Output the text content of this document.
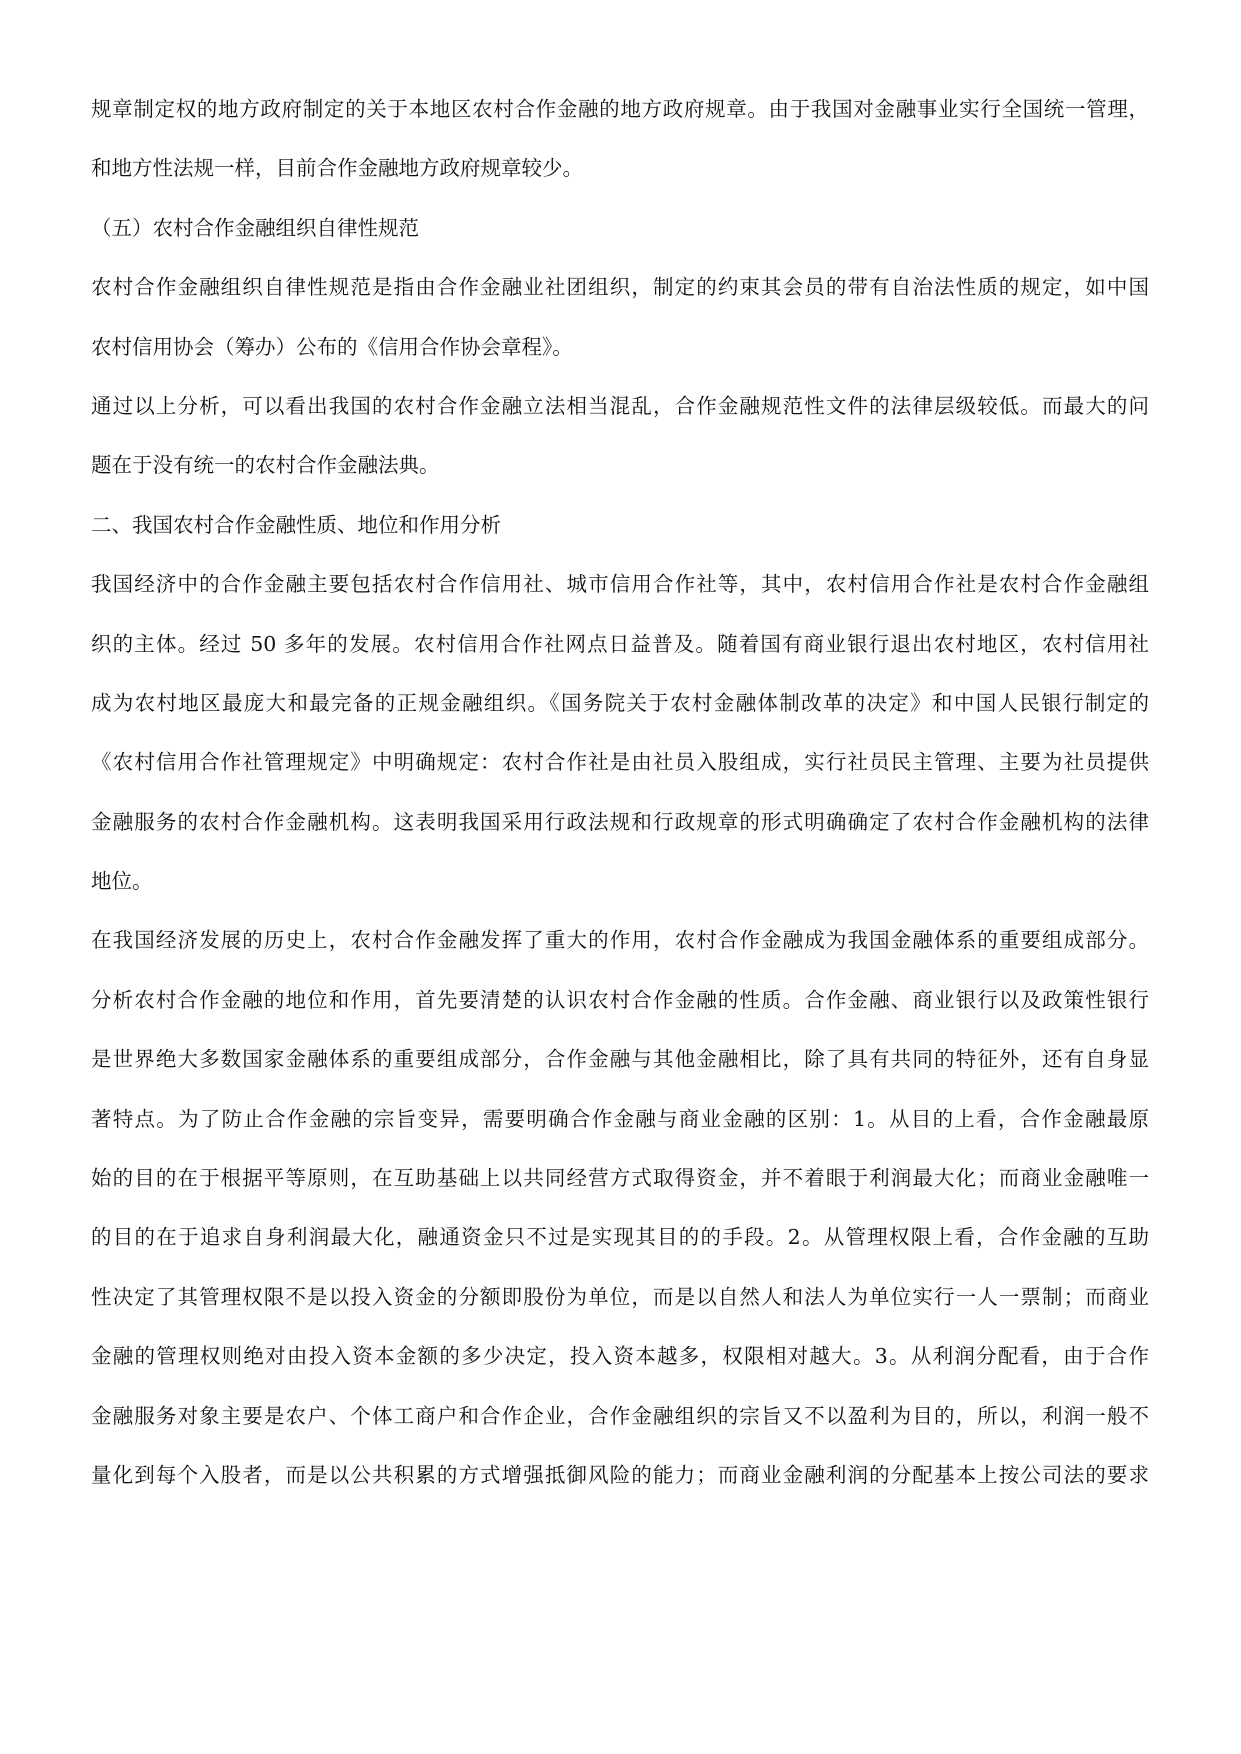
规章制定权的地方政府制定的关于本地区农村合作金融的地方政府规章。由于我国对金融事业实行全国统一管理，
和地方性法规一样，目前合作金融地方政府规章较少。
（五）农村合作金融组织自律性规范
农村合作金融组织自律性规范是指由合作金融业社团组织，制定的约束其会员的带有自治法性质的规定，如中国
农村信用协会（筹办）公布的《信用合作协会章程》。
通过以上分析，可以看出我国的农村合作金融立法相当混乱，合作金融规范性文件的法律层级较低。而最大的问
题在于没有统一的农村合作金融法典。
二、我国农村合作金融性质、地位和作用分析
我国经济中的合作金融主要包括农村合作信用社、城市信用合作社等，其中，农村信用合作社是农村合作金融组
织的主体。经过 50 多年的发展。农村信用合作社网点日益普及。随着国有商业银行退出农村地区，农村信用社
成为农村地区最庞大和最完备的正规金融组织。《国务院关于农村金融体制改革的决定》和中国人民银行制定的
《农村信用合作社管理规定》中明确规定：农村合作社是由社员入股组成，实行社员民主管理、主要为社员提供
金融服务的农村合作金融机构。这表明我国采用行政法规和行政规章的形式明确确定了农村合作金融机构的法律
地位。
在我国经济发展的历史上，农村合作金融发挥了重大的作用，农村合作金融成为我国金融体系的重要组成部分。
分析农村合作金融的地位和作用，首先要清楚的认识农村合作金融的性质。合作金融、商业银行以及政策性银行
是世界绝大多数国家金融体系的重要组成部分，合作金融与其他金融相比，除了具有共同的特征外，还有自身显
著特点。为了防止合作金融的宗旨变异，需要明确合作金融与商业金融的区别：1。从目的上看，合作金融最原
始的目的在于根据平等原则，在互助基础上以共同经营方式取得资金，并不着眼于利润最大化；而商业金融唯一
的目的在于追求自身利润最大化，融通资金只不过是实现其目的的手段。2。从管理权限上看，合作金融的互助
性决定了其管理权限不是以投入资金的分额即股份为单位，而是以自然人和法人为单位实行一人一票制；而商业
金融的管理权则绝对由投入资本金额的多少决定，投入资本越多，权限相对越大。3。从利润分配看，由于合作
金融服务对象主要是农户、个体工商户和合作企业，合作金融组织的宗旨又不以盈利为目的，所以，利润一般不
量化到每个入股者，而是以公共积累的方式增强抵御风险的能力；而商业金融利润的分配基本上按公司法的要求
